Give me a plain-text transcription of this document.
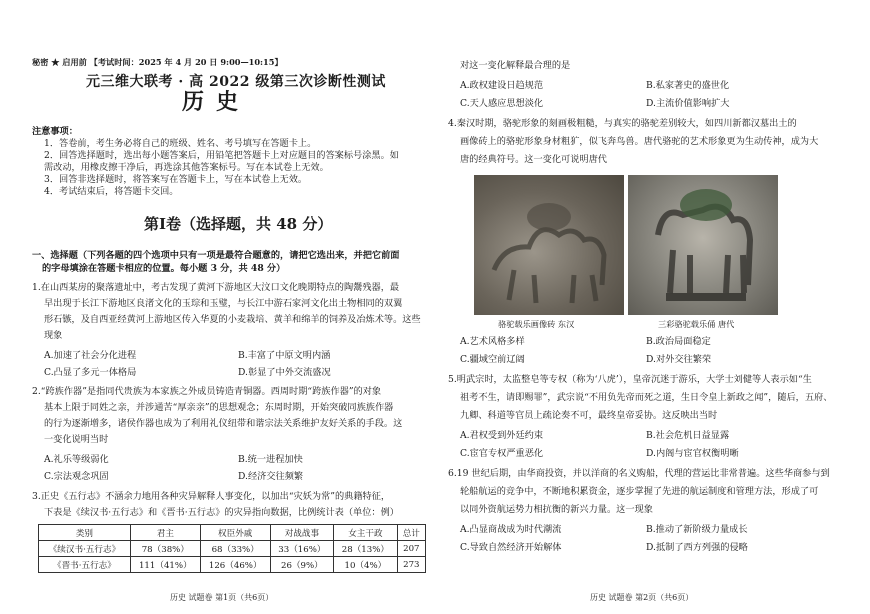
秘密 ★ 启用前 【考试时间：2025 年 4 月 20 日 9:00—10:15】
元三维大联考 · 高 2022 级第三次诊断性测试
历史
注意事项：
1．答卷前，考生务必将自己的班级、姓名、考号填写在答题卡上。
2．回答选择题时，选出每小题答案后，用铅笔把答题卡上对应题目的答案标号涂黑。如
需改动，用橡皮擦干净后，再选涂其他答案标号。写在本试卷上无效。
3．回答非选择题时，将答案写在答题卡上，写在本试卷上无效。
4．考试结束后，将答题卡交回。
第Ⅰ卷（选择题，共 48 分）
一、选择题（下列各题的四个选项中只有一项是最符合题意的，请把它选出来，并把它前面
的字母填涂在答题卡相应的位置。每小题 3 分，共 48 分）
1.在山西某房的聚落遗址中，考古发现了黄河下游地区大汶口文化晚期特点的陶鬶残器，最
早出现于长江下游地区良渚文化的玉琮和玉璧，与长江中游石家河文化出土物相同的双翼
形石镞，及自西亚经黄河上游地区传入华夏的小麦栽培、黄羊和绵羊的饲养及冶炼术等。这些
现象
A.加速了社会分化进程	B.丰富了中原文明内涵
C.凸显了多元一体格局	D.彰显了中外交流盛况
2.“跨族作器”是指同代贵族为本家族之外成员铸造青铜器。西周时期“跨族作器”的对象
基本上限于同姓之亲，并涉通苦“厚亲亲”的思想观念；东周时期，开始突破同族族作器
的行为逐渐增多，诸侯作器也成为了利用礼仪纽带和谐宗法关系维护友好关系的手段。这
一变化说明当时
A.礼乐等级弱化	B.统一进程加快
C.宗法观念巩固	D.经济交往频繁
3.正史《五行志》不涵余力地用各种灾异解释人事变化，以加出“灾妖为常”的典籍特征，
下表是《续汉书·五行志》和《晋书·五行志》的灾异指向数据，比例统计表（单位：例）
类别	君主	权臣外戚	对战战事	女主干政	总计
《续汉书·五行志》	78（38%）	68（33%）	33（16%）	28（13%）	207
《晋书·五行志》	111（41%）	126（46%）	26（9%）	10（4%）	273
历史 试题卷 第1页（共6页）
对这一变化解释最合理的是
A.政权建设日趋规范	B.私家著史的盛世化
C.天人感应思想淡化	D.主流价值影响扩大
4.秦汉时期，骆驼形象的刻画极粗糙，与真实的骆驼差别较大，如四川新都汉墓出土的
画像砖上的骆驼形象身材粗犷，似飞奔鸟兽。唐代骆驼的艺术形象更为生动传神，成为大
唐的经典符号。这一变化可说明唐代
骆驼载乐画像砖 东汉	三彩骆驼载乐俑 唐代
A.艺术风格多样	B.政治局面稳定
C.疆域空前辽阔	D.对外交往繁荣
5.明武宗时，太监整皂等专权（称为‘八虎’），皇帝沉迷于游乐，大学士刘健等人表示如“生
祖考不生，请即赐罪”，武宗说“不用负先帝而死之道，生日令皇上新政之闻”，随后，五府、
九卿、科道等官员上疏论奏不可，最终皇帝妥协。这反映出当时
A.君权受到外廷约束	B.社会危机日益显露
C.宦官专权严重恶化	D.内阁与宦官权衡明晰
6.19 世纪后期，由华商投资，并以洋商的名义购船，代理的营运比非常普遍。这些华商参与到
轮船航运的竞争中，不断地积累资金，逐步掌握了先进的航运制度和管理方法，形成了可
以同外资航运势力相抗衡的新兴力量。这一现象
A.凸显商战成为时代潮流	B.推动了新阶级力量成长
C.导致自然经济开始解体	D.抵制了西方列强的侵略
历史 试题卷 第2页（共6页）
